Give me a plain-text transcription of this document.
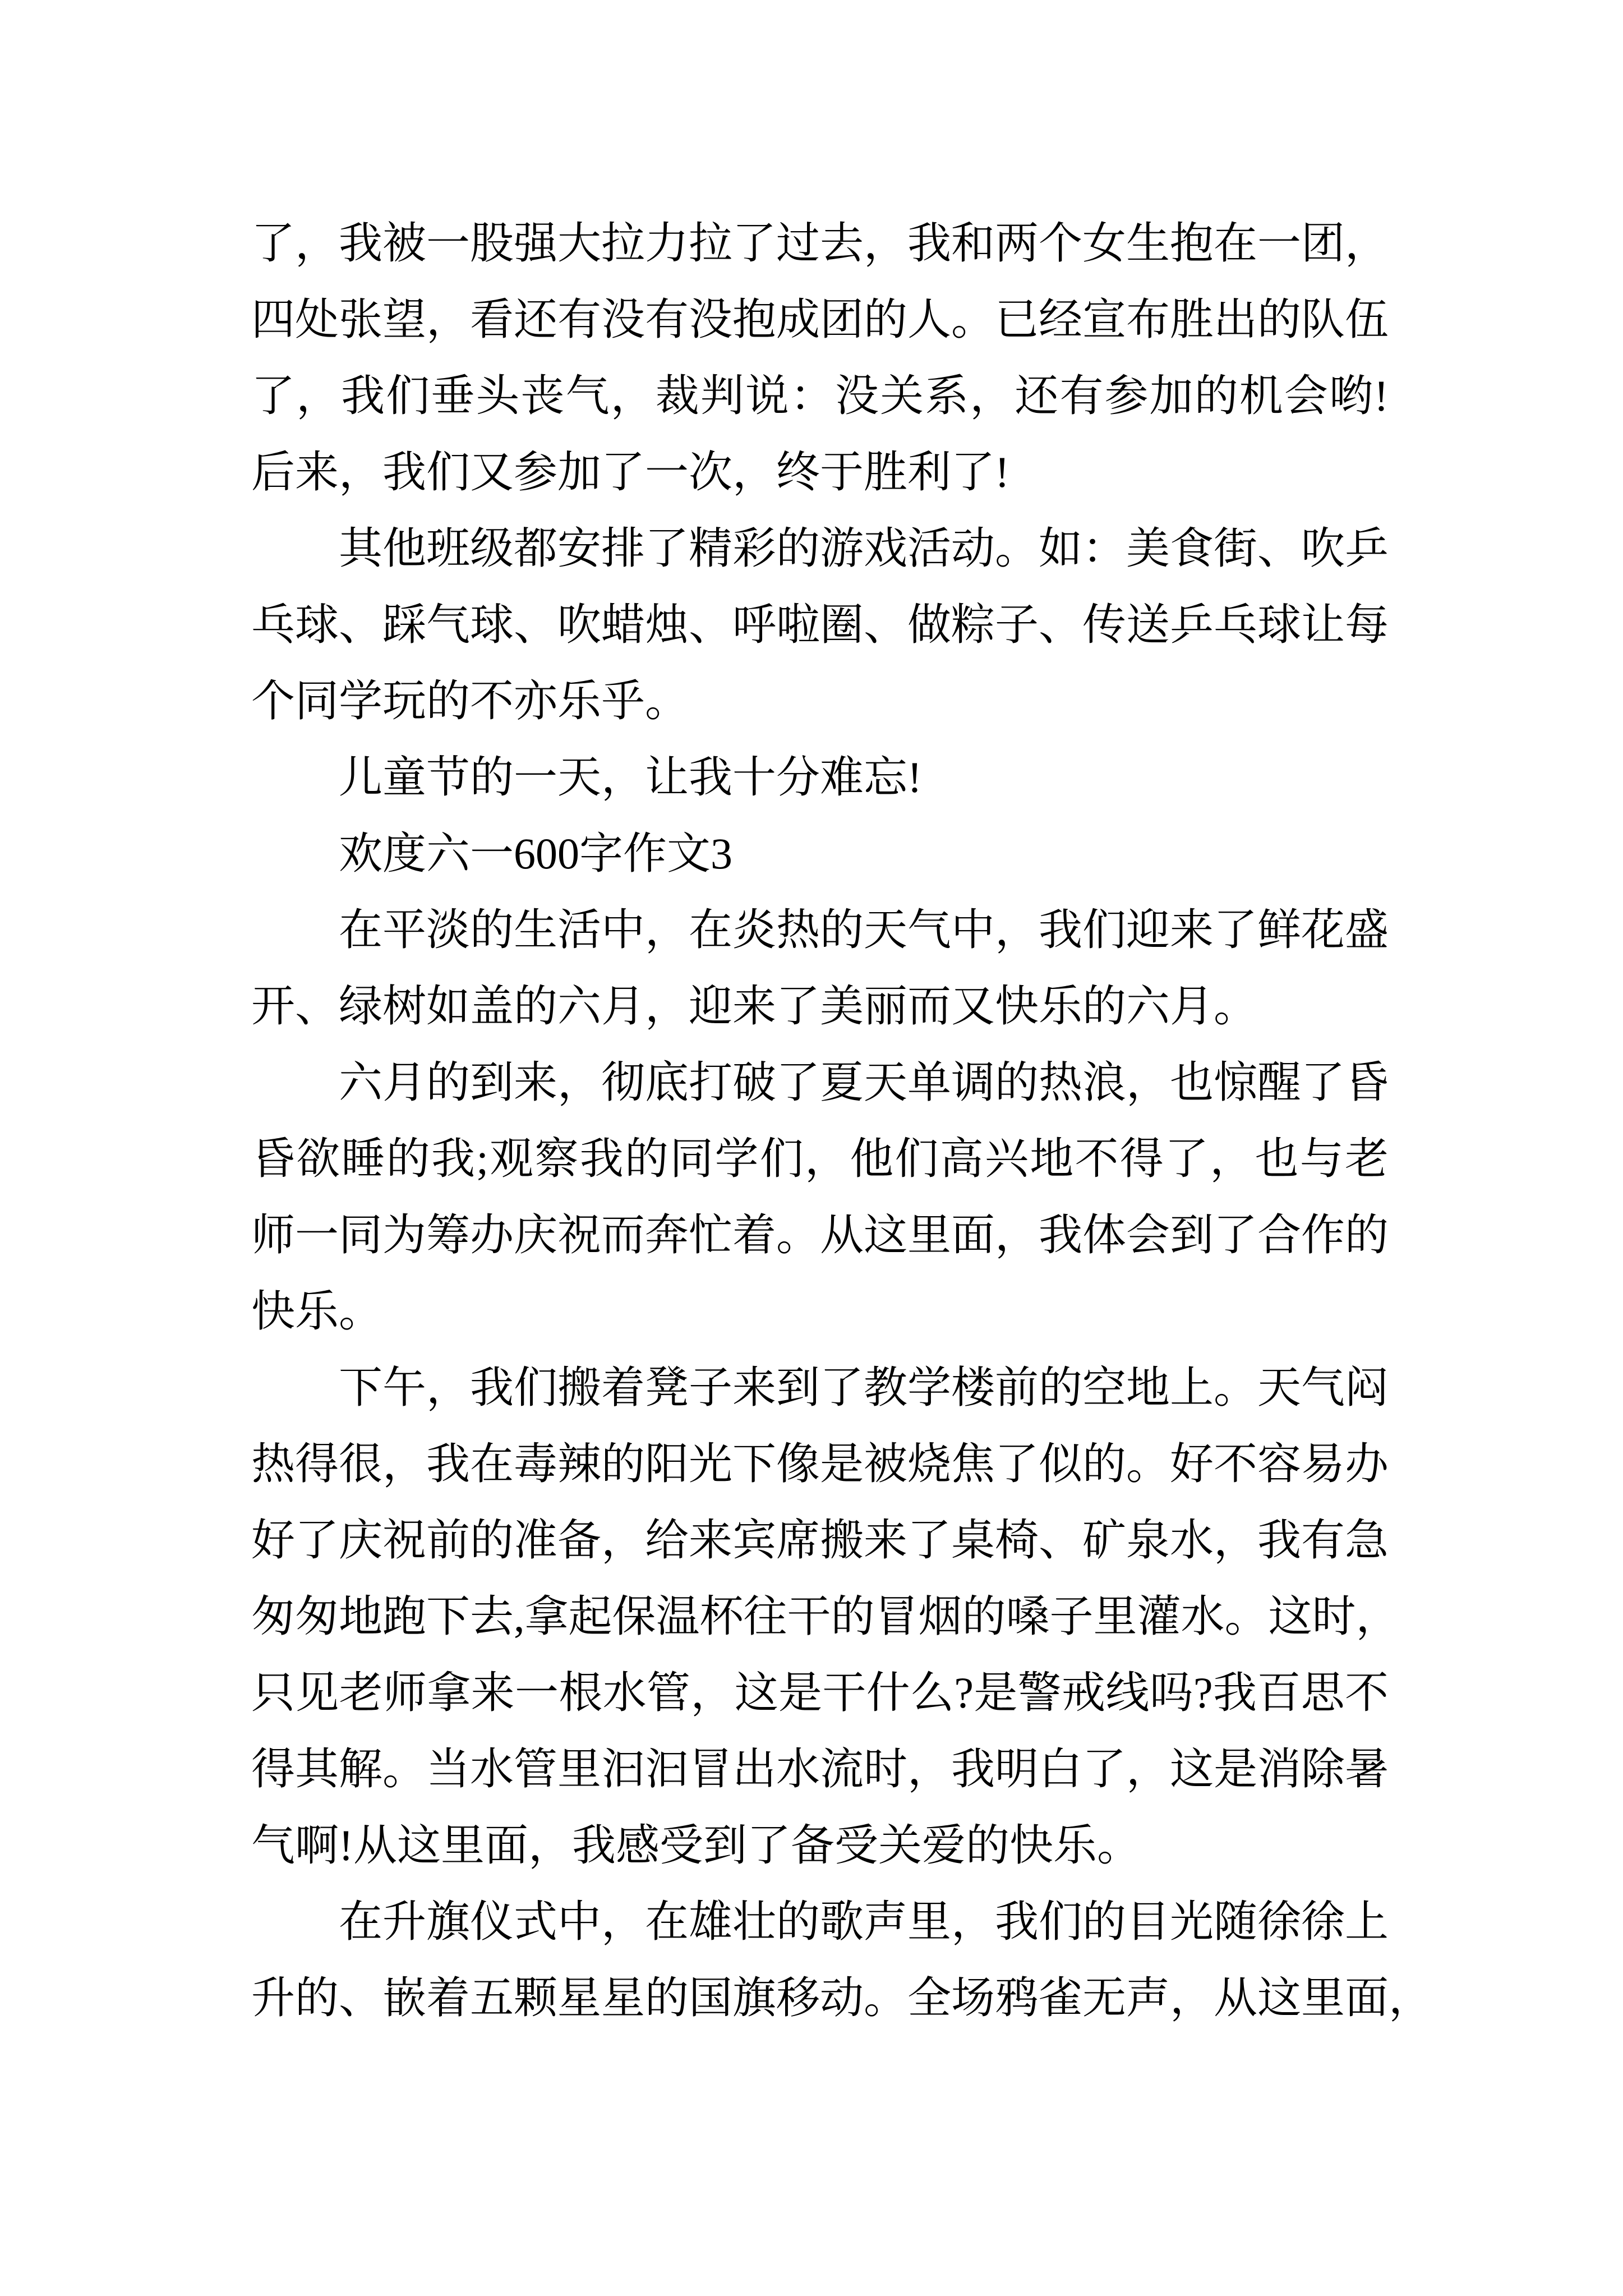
了，我被一股强大拉力拉了过去，我和两个女生抱在一团，
四处张望，看还有没有没抱成团的人。已经宣布胜出的队伍
了，我们垂头丧气，裁判说：没关系，还有参加的机会哟!
后来，我们又参加了一次，终于胜利了!
其他班级都安排了精彩的游戏活动。如：美食街、吹乒
乓球、踩气球、吹蜡烛、呼啦圈、做粽子、传送乒乓球让每
个同学玩的不亦乐乎。
儿童节的一天，让我十分难忘!
欢度六一600字作文3
在平淡的生活中，在炎热的天气中，我们迎来了鲜花盛
开、绿树如盖的六月，迎来了美丽而又快乐的六月。
六月的到来，彻底打破了夏天单调的热浪，也惊醒了昏
昏欲睡的我;观察我的同学们，他们高兴地不得了，也与老
师一同为筹办庆祝而奔忙着。从这里面，我体会到了合作的
快乐。
下午，我们搬着凳子来到了教学楼前的空地上。天气闷
热得很，我在毒辣的阳光下像是被烧焦了似的。好不容易办
好了庆祝前的准备，给来宾席搬来了桌椅、矿泉水，我有急
匆匆地跑下去,拿起保温杯往干的冒烟的嗓子里灌水。这时，
只见老师拿来一根水管，这是干什么?是警戒线吗?我百思不
得其解。当水管里汩汩冒出水流时，我明白了，这是消除暑
气啊!从这里面，我感受到了备受关爱的快乐。
在升旗仪式中，在雄壮的歌声里，我们的目光随徐徐上
升的、嵌着五颗星星的国旗移动。全场鸦雀无声，从这里面，
